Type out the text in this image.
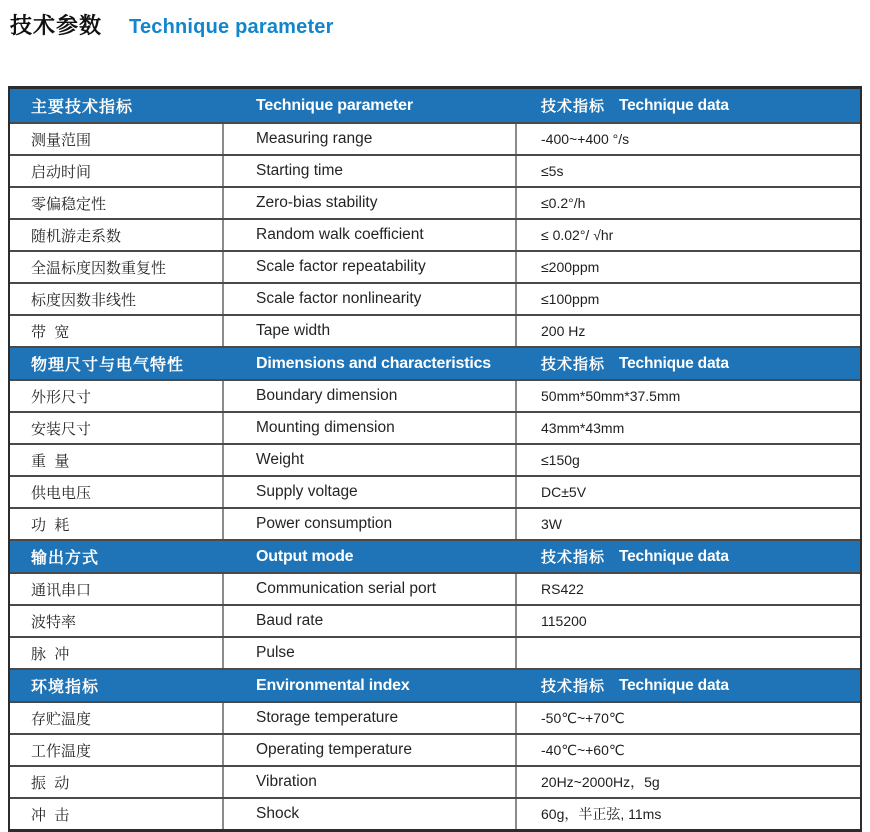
技术参数 Technique parameter
主要技术指标	Technique parameter	技术指标 Technique data
测量范围	Measuring range	-400~+400 °/s
启动时间	Starting time	≤5s
零偏稳定性	Zero-bias stability	≤0.2°/h
随机游走系数	Random walk coefficient	≤ 0.02°/ √hr
全温标度因数重复性	Scale factor repeatability	≤200ppm
标度因数非线性	Scale factor nonlinearity	≤100ppm
带  宽	Tape width	200 Hz
物理尺寸与电气特性	Dimensions and characteristics	技术指标 Technique data
外形尺寸	Boundary dimension	50mm*50mm*37.5mm
安装尺寸	Mounting dimension	43mm*43mm
重  量	Weight	≤150g
供电电压	Supply voltage	DC±5V
功  耗	Power consumption	3W
输出方式	Output mode	技术指标 Technique data
通讯串口	Communication serial port	RS422
波特率	Baud rate	115200
脉  冲	Pulse
环境指标	Environmental index	技术指标 Technique data
存贮温度	Storage temperature	-50℃~+70℃
工作温度	Operating temperature	-40℃~+60℃
振  动	Vibration	20Hz~2000Hz，5g
冲  击	Shock	60g，半正弦, 11ms
